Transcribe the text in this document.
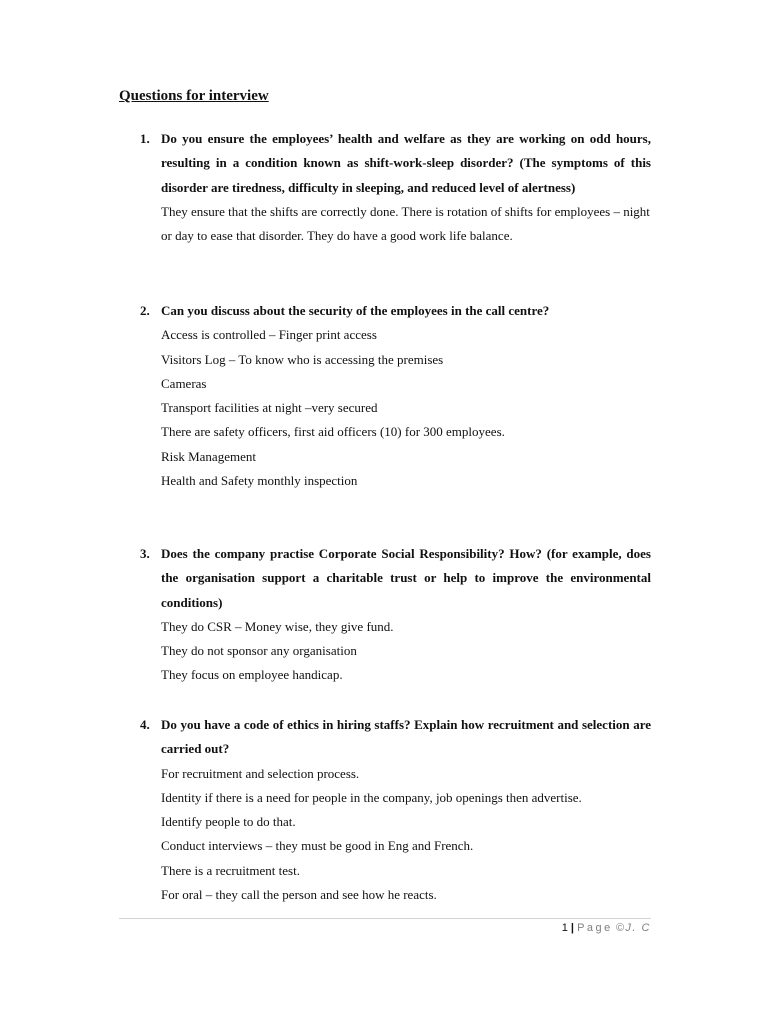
Questions for interview
1. Do you ensure the employees’ health and welfare as they are working on odd hours, resulting in a condition known as shift-work-sleep disorder? (The symptoms of this disorder are tiredness, difficulty in sleeping, and reduced level of alertness)
They ensure that the shifts are correctly done. There is rotation of shifts for employees – night or day to ease that disorder. They do have a good work life balance.
2. Can you discuss about the security of the employees in the call centre?
Access is controlled – Finger print access
Visitors Log – To know who is accessing the premises
Cameras
Transport facilities at night –very secured
There are safety officers, first aid officers (10) for 300 employees.
Risk Management
Health and Safety monthly inspection
3. Does the company practise Corporate Social Responsibility? How? (for example, does the organisation support a charitable trust or help to improve the environmental conditions)
They do CSR – Money wise, they give fund.
They do not sponsor any organisation
They focus on employee handicap.
4. Do you have a code of ethics in hiring staffs? Explain how recruitment and selection are carried out?
For recruitment and selection process.
Identity if there is a need for people in the company, job openings then advertise.
Identify people to do that.
Conduct interviews – they must be good in Eng and French.
There is a recruitment test.
For oral – they call the person and see how he reacts.
1 | Page ©J. C
